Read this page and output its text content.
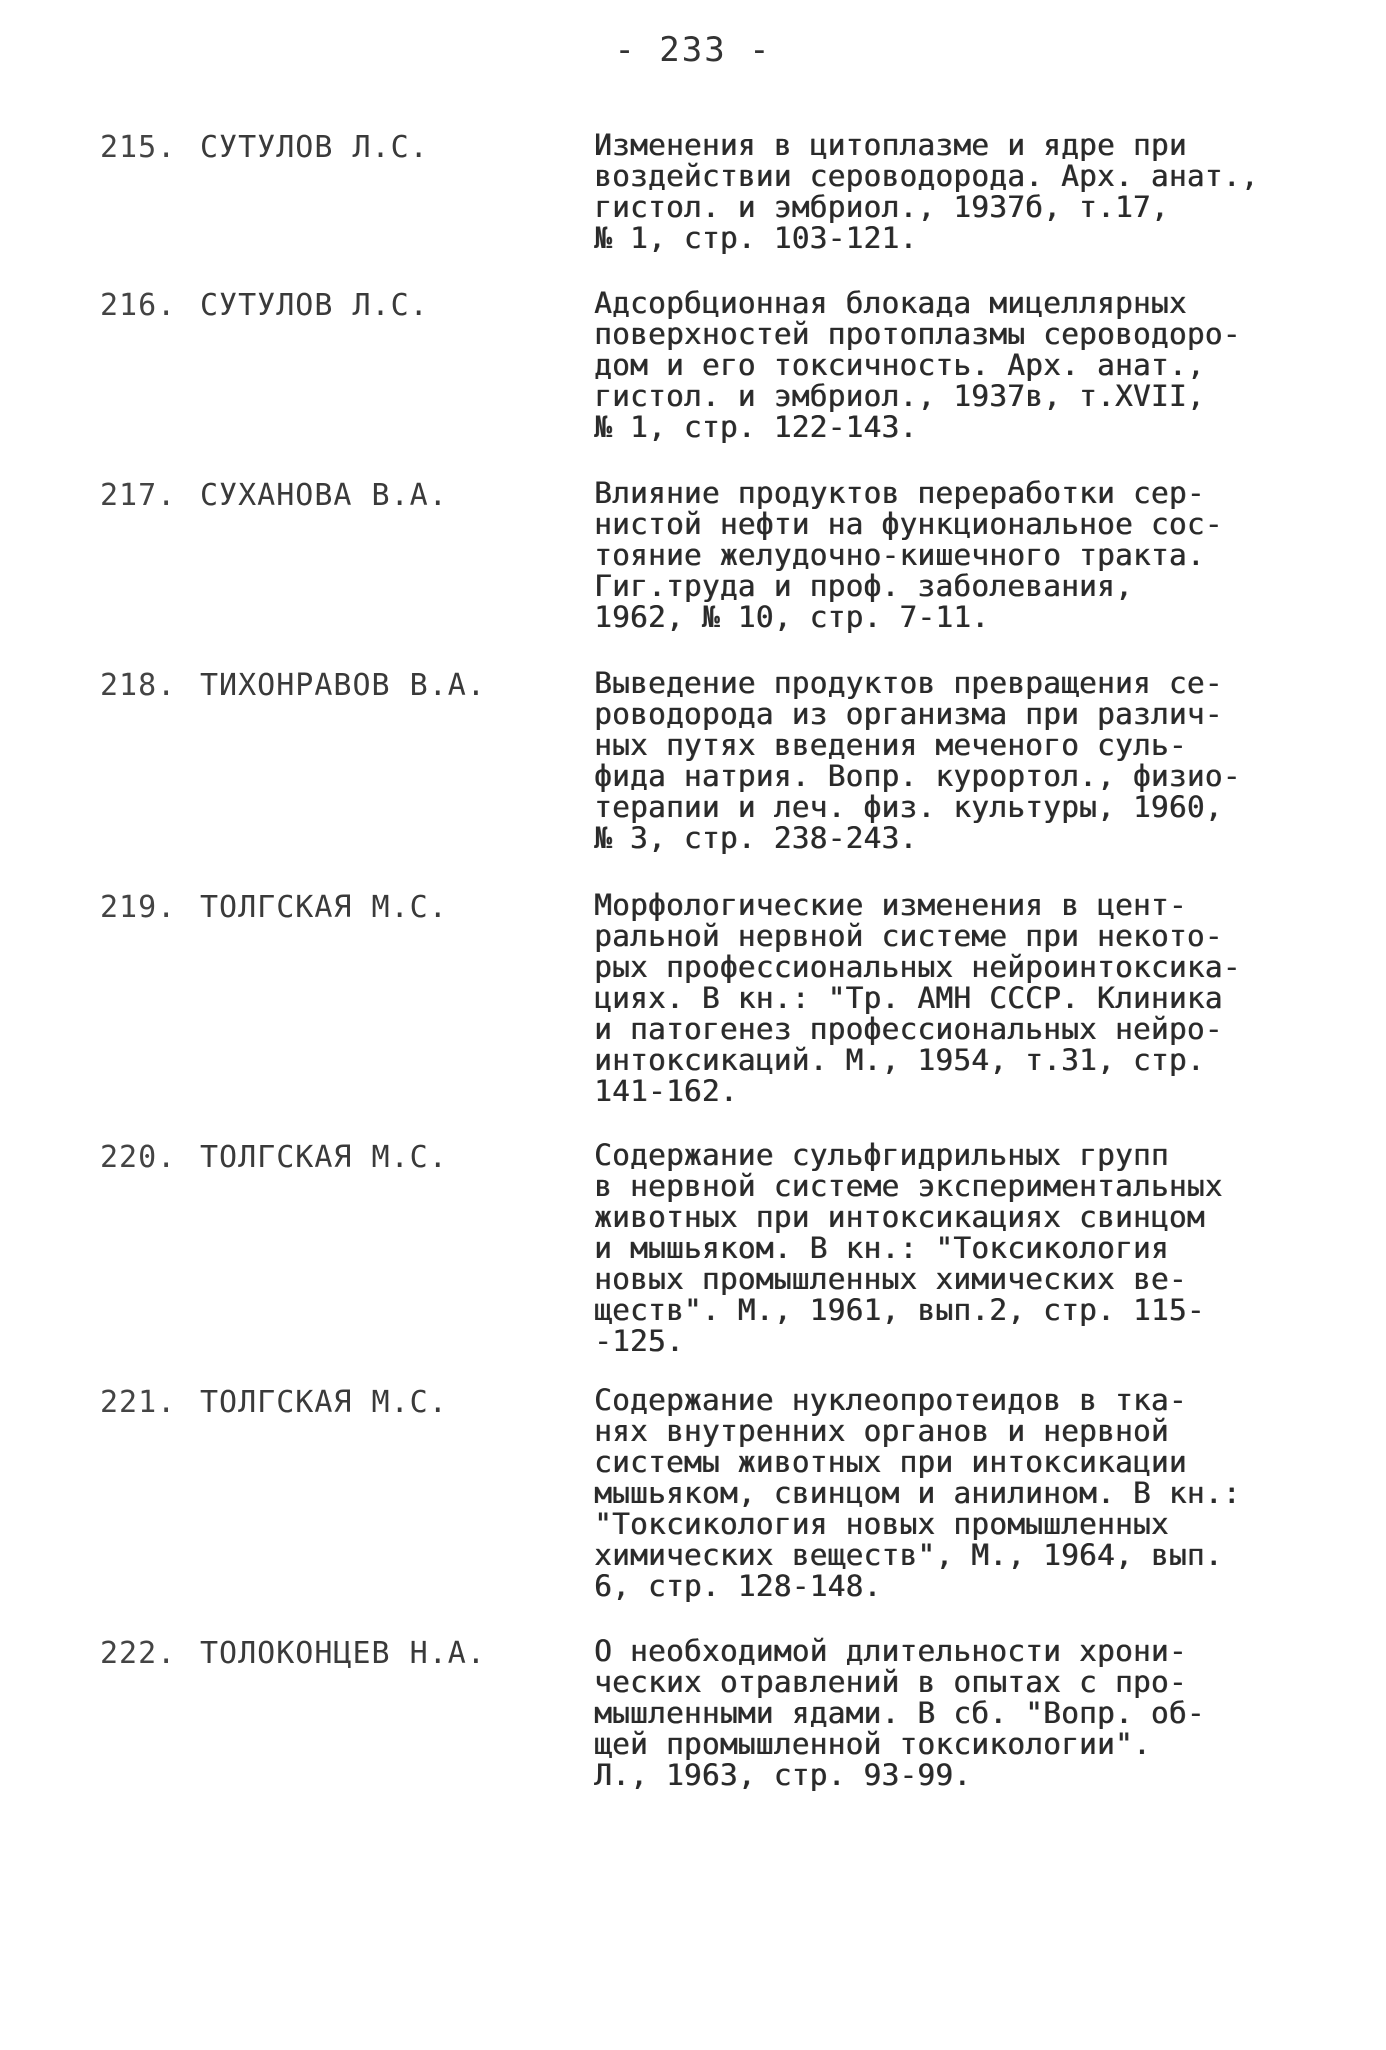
- 233 -
215. СУТУЛОВ Л.С.	Изменения в цитоплазме и ядре при
воздействии сероводорода. Арх. анат.,
гистол. и эмбриол., 1937б, т.17,
№ 1, стр. 103-121.
216. СУТУЛОВ Л.С.	Адсорбционная блокада мицеллярных
поверхностей протоплазмы сероводоро-
дом и его токсичность. Арх. анат.,
гистол. и эмбриол., 1937в, т.XVII,
№ 1, стр. 122-143.
217. СУХАНОВА В.А.	Влияние продуктов переработки сер-
нистой нефти на функциональное сос-
тояние желудочно-кишечного тракта.
Гиг.труда и проф. заболевания,
1962, № 10, стр. 7-11.
218. ТИХОНРАВОВ В.А.	Выведение продуктов превращения се-
роводорода из организма при различ-
ных путях введения меченого суль-
фида натрия. Вопр. курортол., физио-
терапии и леч. физ. культуры, 1960,
№ 3, стр. 238-243.
219. ТОЛГСКАЯ М.С.	Морфологические изменения в цент-
ральной нервной системе при некото-
рых профессиональных нейроинтоксика-
циях. В кн.: "Тр. АМН СССР. Клиника
и патогенез профессиональных нейро-
интоксикаций. М., 1954, т.31, стр.
141-162.
220. ТОЛГСКАЯ М.С.	Содержание сульфгидрильных групп
в нервной системе экспериментальных
животных при интоксикациях свинцом
и мышьяком. В кн.: "Токсикология
новых промышленных химических ве-
ществ". М., 1961, вып.2, стр. 115-
-125.
221. ТОЛГСКАЯ М.С.	Содержание нуклеопротеидов в тка-
нях внутренних органов и нервной
системы животных при интоксикации
мышьяком, свинцом и анилином. В кн.:
"Токсикология новых промышленных
химических веществ", М., 1964, вып.
6, стр. 128-148.
222. ТОЛОКОНЦЕВ Н.А.	О необходимой длительности хрони-
ческих отравлений в опытах с про-
мышленными ядами. В сб. "Вопр. об-
щей промышленной токсикологии".
Л., 1963, стр. 93-99.
